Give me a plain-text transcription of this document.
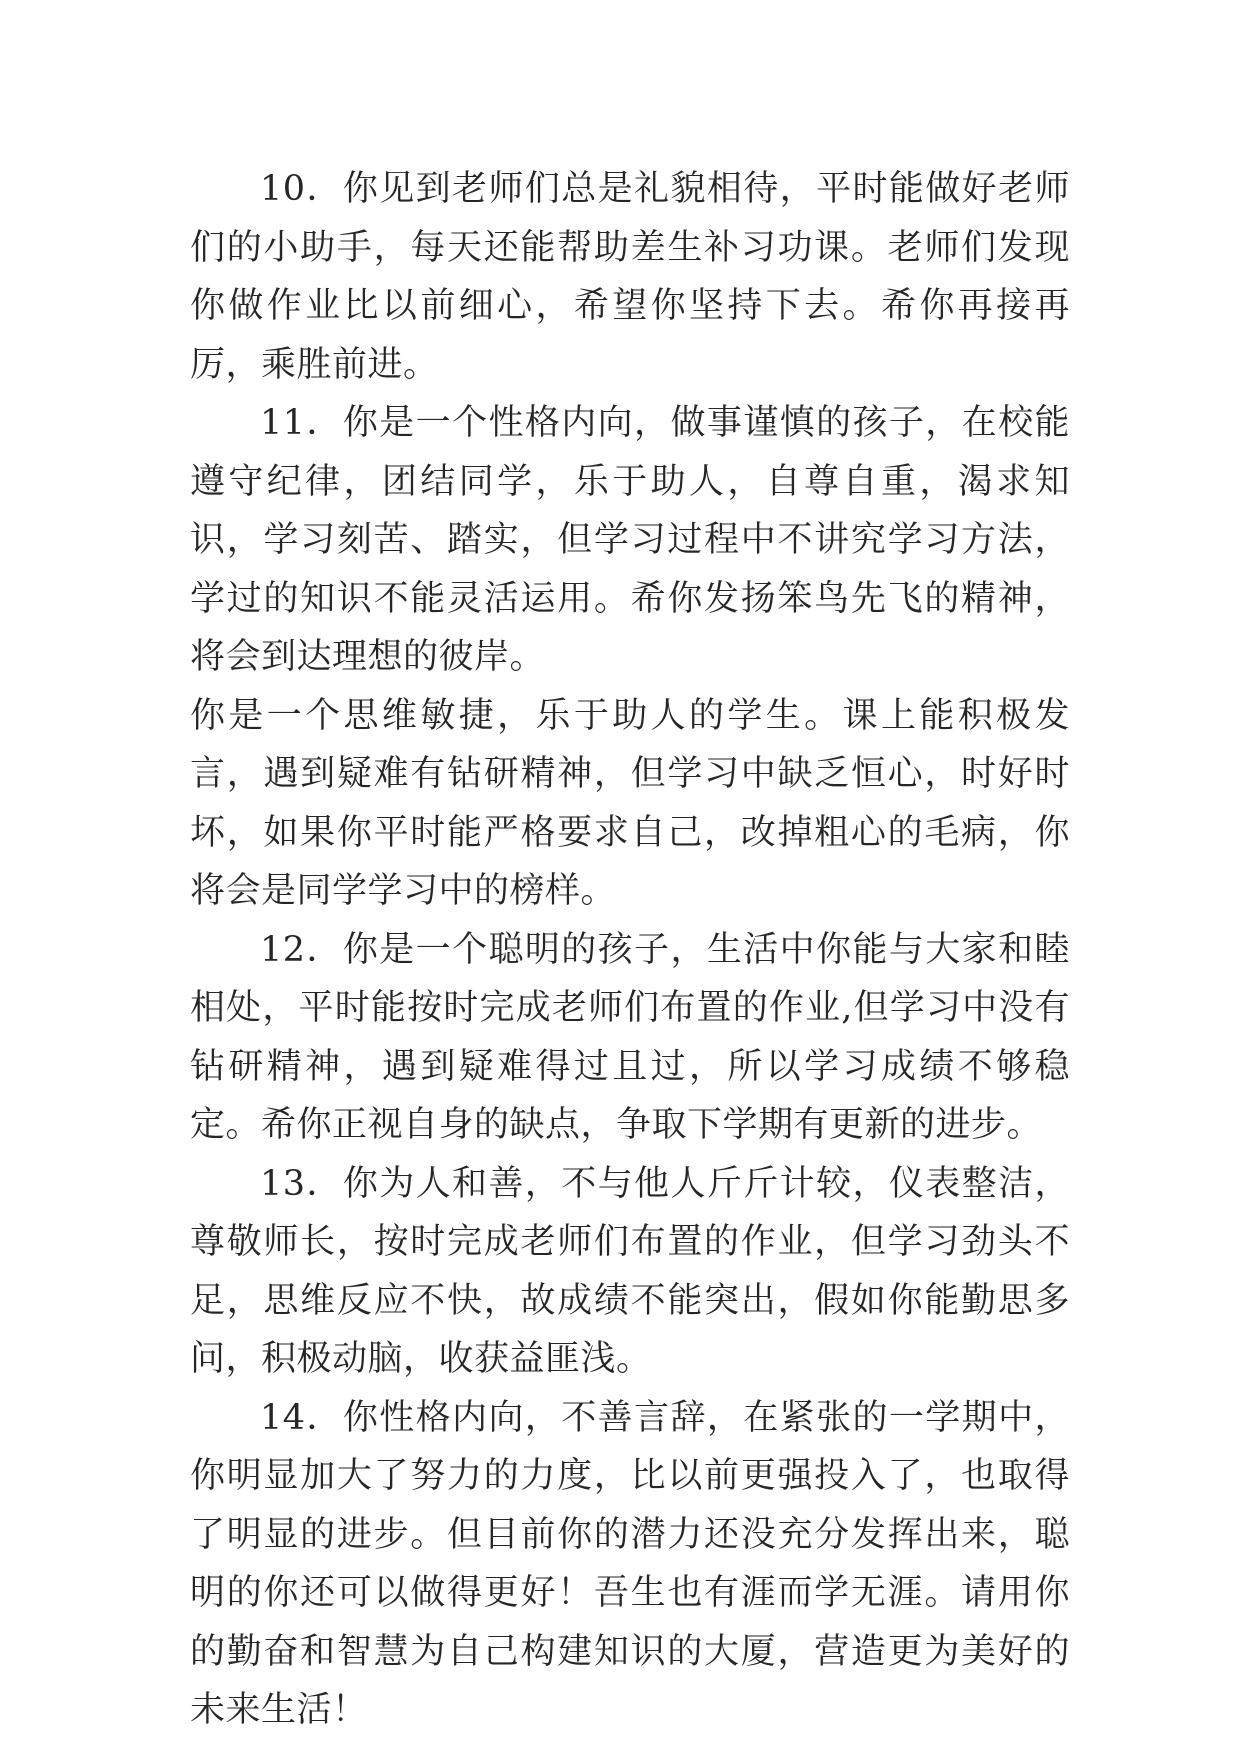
10．你见到老师们总是礼貌相待，平时能做好老师们的小助手，每天还能帮助差生补习功课。老师们发现你做作业比以前细心，希望你坚持下去。希你再接再厉，乘胜前进。

11．你是一个性格内向，做事谨慎的孩子，在校能遵守纪律，团结同学，乐于助人，自尊自重，渴求知识，学习刻苦、踏实，但学习过程中不讲究学习方法，学过的知识不能灵活运用。希你发扬笨鸟先飞的精神，将会到达理想的彼岸。

你是一个思维敏捷，乐于助人的学生。课上能积极发言，遇到疑难有钻研精神，但学习中缺乏恒心，时好时坏，如果你平时能严格要求自己，改掉粗心的毛病，你将会是同学学习中的榜样。

12．你是一个聪明的孩子，生活中你能与大家和睦相处，平时能按时完成老师们布置的作业,但学习中没有钻研精神，遇到疑难得过且过，所以学习成绩不够稳定。希你正视自身的缺点，争取下学期有更新的进步。

13．你为人和善，不与他人斤斤计较，仪表整洁，尊敬师长，按时完成老师们布置的作业，但学习劲头不足，思维反应不快，故成绩不能突出，假如你能勤思多问，积极动脑，收获益匪浅。

14．你性格内向，不善言辞，在紧张的一学期中，你明显加大了努力的力度，比以前更强投入了，也取得了明显的进步。但目前你的潜力还没充分发挥出来，聪明的你还可以做得更好！吾生也有涯而学无涯。请用你的勤奋和智慧为自己构建知识的大厦，营造更为美好的未来生活！
